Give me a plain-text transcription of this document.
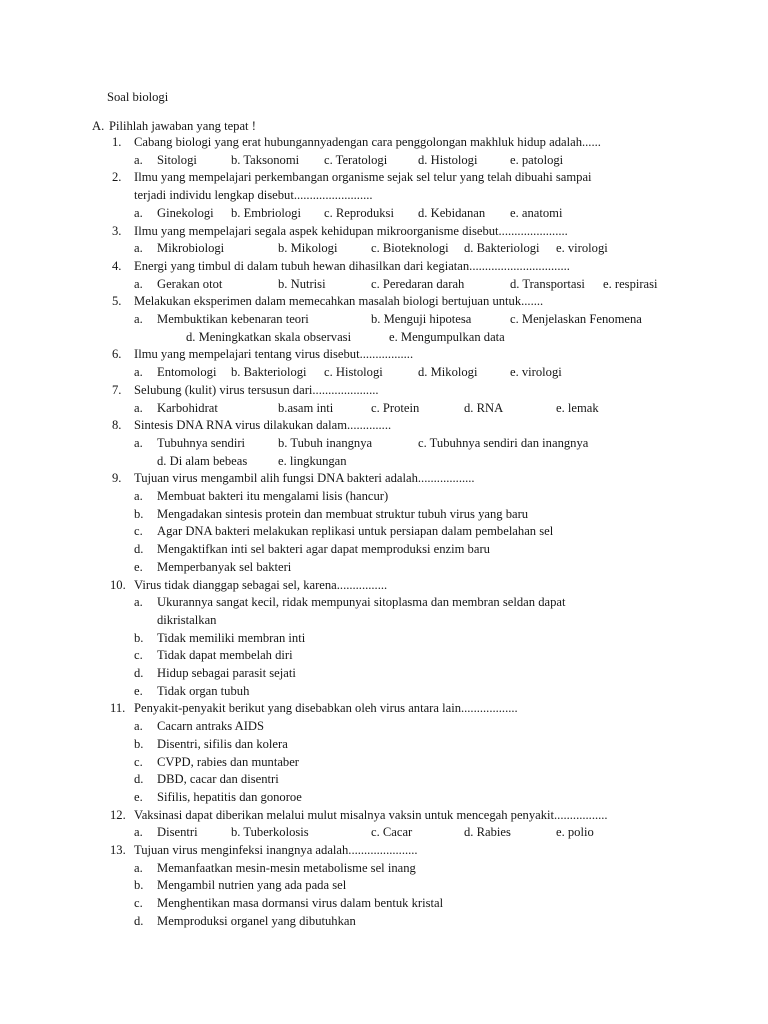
Soal biologi
A. Pilihlah jawaban yang tepat !
1. Cabang biologi yang erat hubungannyadengan cara penggolongan makhluk hidup adalah......
a. Sitologi	b. Taksonomi c. Teratologi d. Histologi	e. patologi
2. Ilmu yang mempelajari perkembangan organisme sejak sel telur yang telah dibuahi sampai
terjadi individu lengkap disebut.........................
a. Ginekologi b. Embriologi c. Reproduksi d. Kebidanan e. anatomi
3. Ilmu yang mempelajari segala aspek kehidupan mikroorganisme disebut......................
a. Mikrobiologi	b. Mikologi	c. Bioteknologi d. Bakteriologi e. virologi
4. Energi yang timbul di dalam tubuh hewan dihasilkan dari kegiatan................................
a. Gerakan otot	b. Nutrisi	c. Peredaran darah	d. Transportasi e. respirasi
5. Melakukan eksperimen dalam memecahkan masalah biologi bertujuan untuk.......
a. Membuktikan kebenaran teori	b. Menguji hipotesa	c. Menjelaskan Fenomena
d. Meningkatkan skala observasi	e. Mengumpulkan data
6. Ilmu yang mempelajari tentang virus disebut.................
a. Entomologi b. Bakteriologi c. Histologi	d. Mikologi	e. virologi
7. Selubung (kulit) virus tersusun dari.....................
a. Karbohidrat	b.asam inti	c. Protein	d. RNA	e. lemak
8. Sintesis DNA RNA virus dilakukan dalam..............
a. Tubuhnya sendiri	b. Tubuh inangnya	c. Tubuhnya sendiri dan inangnya
d. Di alam bebeas e. lingkungan
9. Tujuan virus mengambil alih fungsi DNA bakteri adalah..................
a. Membuat bakteri itu mengalami lisis (hancur)
b. Mengadakan sintesis protein dan membuat struktur tubuh virus yang baru
c. Agar DNA bakteri melakukan replikasi untuk persiapan dalam pembelahan sel
d. Mengaktifkan inti sel bakteri agar dapat memproduksi enzim baru
e. Memperbanyak sel bakteri
10. Virus tidak dianggap sebagai sel, karena................
a. Ukurannya sangat kecil, ridak mempunyai sitoplasma dan membran seldan dapat
dikristalkan
b. Tidak memiliki membran inti
c. Tidak dapat membelah diri
d. Hidup sebagai parasit sejati
e. Tidak organ tubuh
11. Penyakit-penyakit berikut yang disebabkan oleh virus antara lain..................
a. Cacarn antraks AIDS
b. Disentri, sifilis dan kolera
c. CVPD, rabies dan muntaber
d. DBD, cacar dan disentri
e. Sifilis, hepatitis dan gonoroe
12. Vaksinasi dapat diberikan melalui mulut misalnya vaksin untuk mencegah penyakit.................
a. Disentri	b. Tuberkolosis	c. Cacar	d. Rabies	e. polio
13. Tujuan virus menginfeksi inangnya adalah......................
a. Memanfaatkan mesin-mesin metabolisme sel inang
b. Mengambil nutrien yang ada pada sel
c. Menghentikan masa dormansi virus dalam bentuk kristal
d. Memproduksi organel yang dibutuhkan
